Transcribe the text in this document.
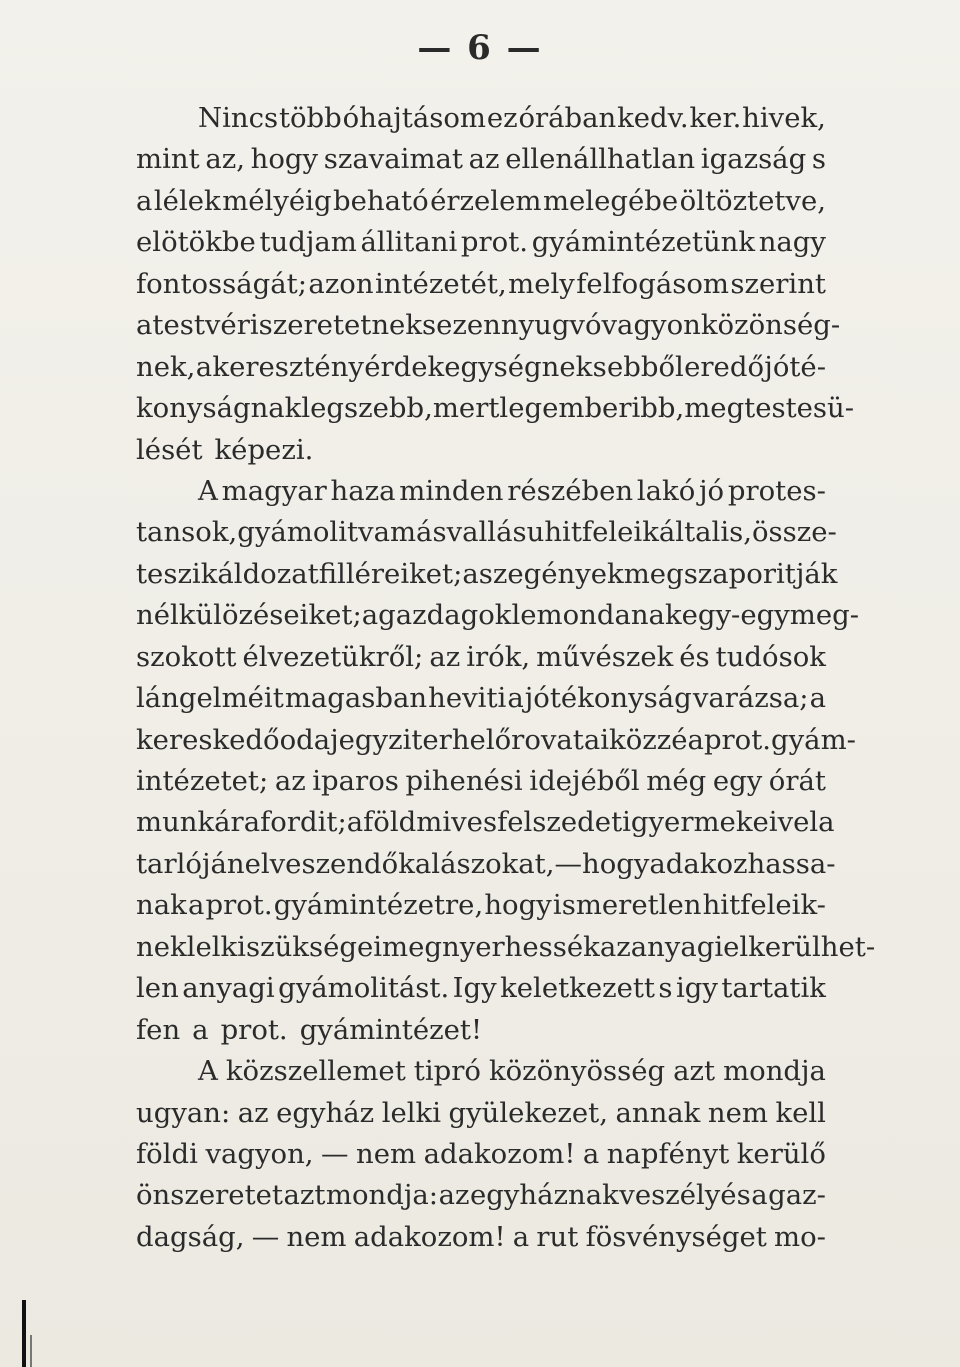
— 6 —
Nincs több óhajtásom ez órában kedv. ker. hivek,
mint az, hogy szavaimat az ellenállhatlan igazság s
a lélek mélyéig beható érzelem melegébe öltöztetve,
elötökbe tudjam állitani prot. gyámintézetünk nagy
fontosságát; azon intézetét, mely felfogásom szerint
a testvéri szeretetnek s ezen nyugvó vagyonközönség-
nek, a keresztény érdekegységnek s ebből eredő jóté-
konyságnak legszebb, mert legemberibb, megtestesü-
lését képezi.
A magyar haza minden részében lakó jó protes-
tansok, gyámolitva más vallásu hitfeleik által is, össze-
teszik áldozat filléreiket; a szegények megszaporitják
nélkülözéseiket; a gazdagok lemondanak egy-egy meg-
szokott élvezetükről; az irók, művészek és tudósok
lángelméit magasban heviti a jótékonyság varázsa; a
kereskedő odajegyzi terhelő rovatai közzé a prot. gyám-
intézetet; az iparos pihenési idejéből még egy órát
munkára fordit; a földmives felszedeti gyermekeivel a
tarlóján elveszendő kalászokat, — hogy adakozhassa-
nak a prot. gyámintézetre, hogy ismeretlen hitfeleik-
nek lelkiszükségei megnyerhessék az anyagi elkerülhet-
len anyagi gyámolitást. Igy keletkezett s igy tartatik
fen a prot. gyámintézet!
A közszellemet tipró közönyösség azt mondja
ugyan: az egyház lelki gyülekezet, annak nem kell
földi vagyon, — nem adakozom! a napfényt kerülő
önszeretet azt mondja: az egyháznak veszélyés a gaz-
dagság, — nem adakozom! a rut fösvénységet mo-
